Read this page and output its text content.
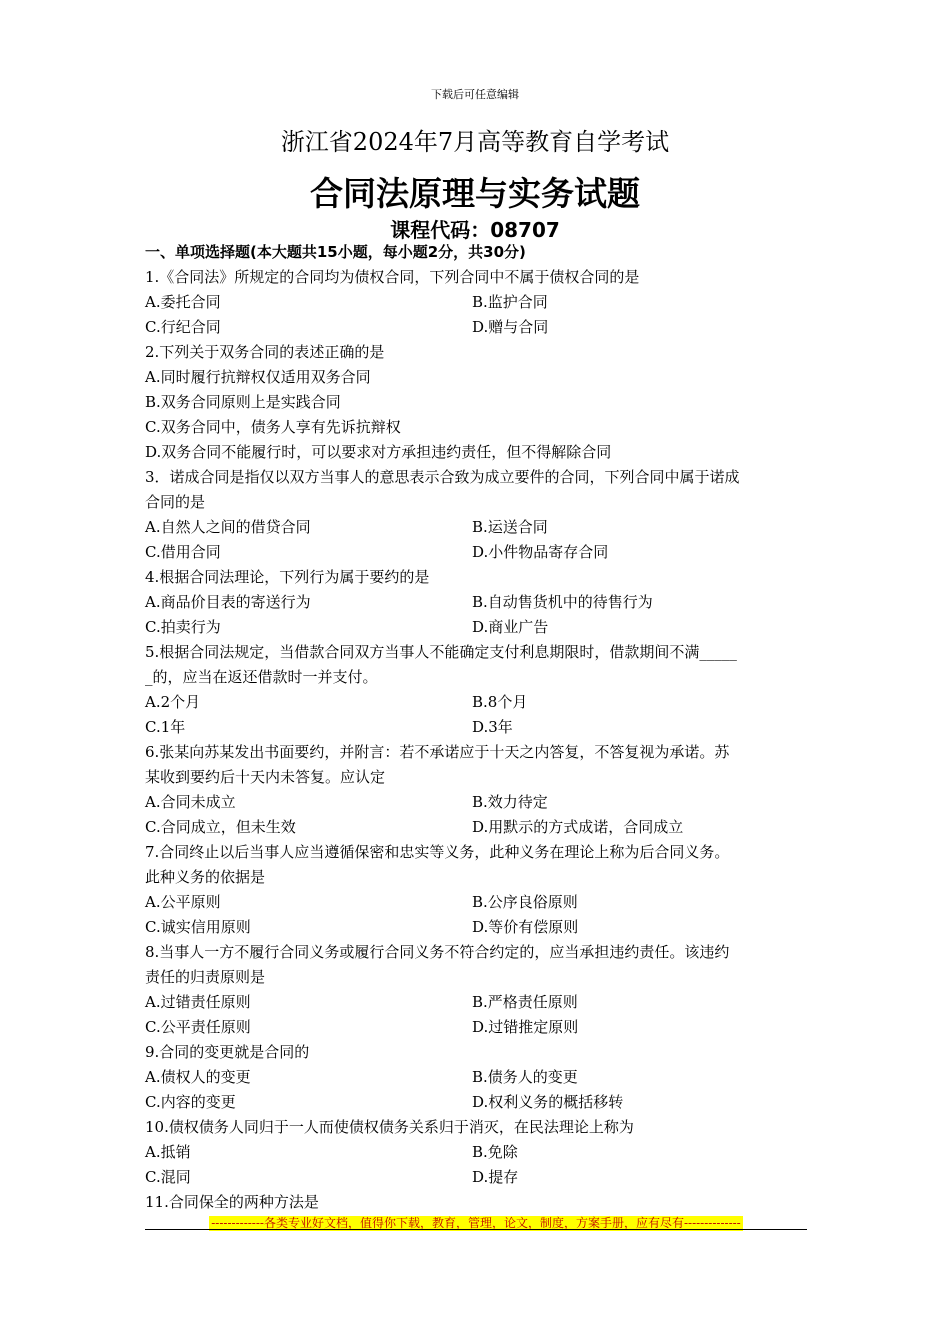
下载后可任意编辑
浙江省2024年7月高等教育自学考试
合同法原理与实务试题
课程代码：08707
一、单项选择题(本大题共15小题，每小题2分，共30分)
1.《合同法》所规定的合同均为债权合同，下列合同中不属于债权合同的是
A.委托合同	B.监护合同
C.行纪合同	D.赠与合同
2.下列关于双务合同的表述正确的是
A.同时履行抗辩权仅适用双务合同
B.双务合同原则上是实践合同
C.双务合同中，债务人享有先诉抗辩权
D.双务合同不能履行时，可以要求对方承担违约责任，但不得解除合同
3．诺成合同是指仅以双方当事人的意思表示合致为成立要件的合同，下列合同中属于诺成
合同的是
A.自然人之间的借贷合同	B.运送合同
C.借用合同	D.小件物品寄存合同
4.根据合同法理论，下列行为属于要约的是
A.商品价目表的寄送行为	B.自动售货机中的待售行为
C.拍卖行为	D.商业广告
5.根据合同法规定，当借款合同双方当事人不能确定支付利息期限时，借款期间不满_____
_的，应当在返还借款时一并支付。
A.2个月	B.8个月
C.1年	D.3年
6.张某向苏某发出书面要约，并附言：若不承诺应于十天之内答复，不答复视为承诺。苏
某收到要约后十天内未答复。应认定
A.合同未成立	B.效力待定
C.合同成立，但未生效	D.用默示的方式成诺，合同成立
7.合同终止以后当事人应当遵循保密和忠实等义务，此种义务在理论上称为后合同义务。
此种义务的依据是
A.公平原则	B.公序良俗原则
C.诚实信用原则	D.等价有偿原则
8.当事人一方不履行合同义务或履行合同义务不符合约定的，应当承担违约责任。该违约
责任的归责原则是
A.过错责任原则	B.严格责任原则
C.公平责任原则	D.过错推定原则
9.合同的变更就是合同的
A.债权人的变更	B.债务人的变更
C.内容的变更	D.权利义务的概括移转
10.债权债务人同归于一人而使债权债务关系归于消灭，在民法理论上称为
A.抵销	B.免除
C.混同	D.提存
11.合同保全的两种方法是
-------------各类专业好文档，值得你下载，教育，管理，论文，制度，方案手册，应有尽有--------------
